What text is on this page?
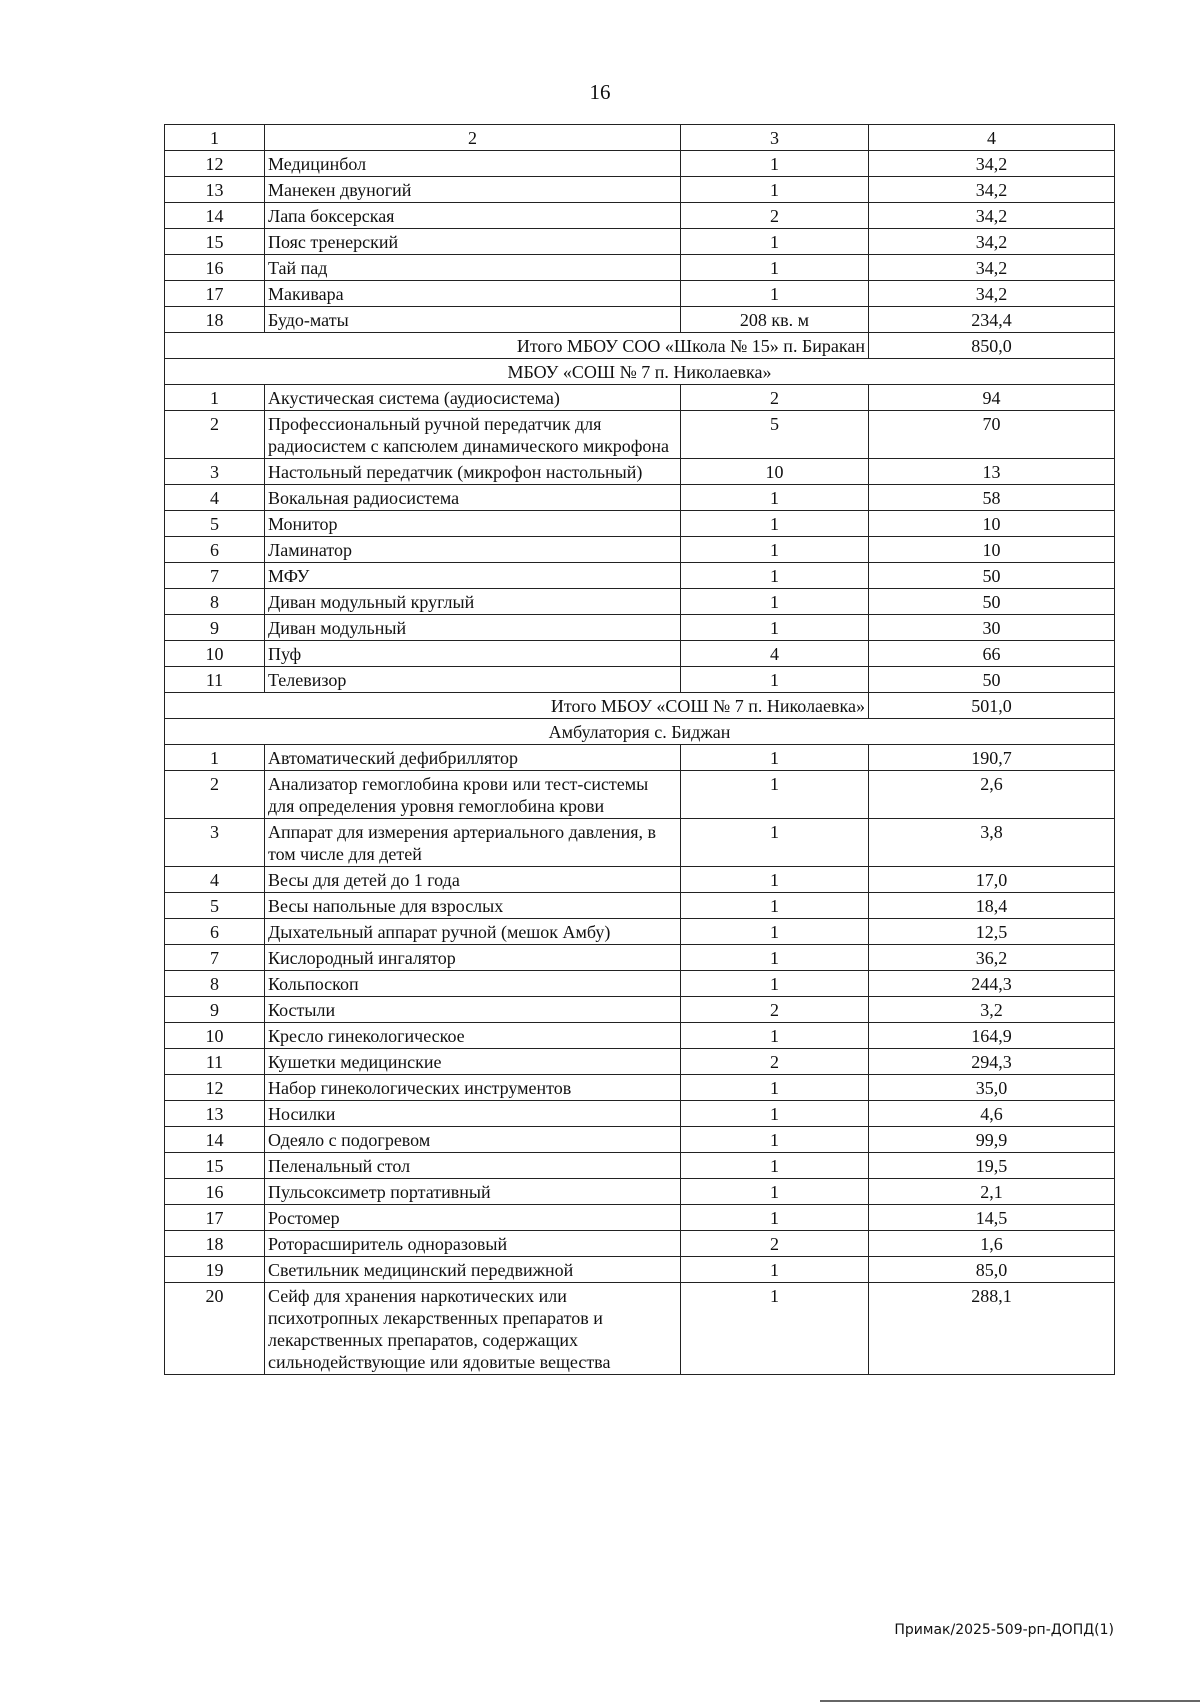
16
1	2	3	4
12	Медицинбол	1	34,2
13	Манекен двуногий	1	34,2
14	Лапа боксерская	2	34,2
15	Пояс тренерский	1	34,2
16	Тай пад	1	34,2
17	Макивара	1	34,2
18	Будо-маты	208 кв. м	234,4
Итого МБОУ СОО «Школа № 15» п. Биракан			850,0
МБОУ «СОШ № 7 п. Николаевка»			
1	Акустическая система (аудиосистема)	2	94
2	Профессиональный ручной передатчик для радиосистем с капсюлем динамического микрофона	5	70
3	Настольный передатчик (микрофон настольный)	10	13
4	Вокальная радиосистема	1	58
5	Монитор	1	10
6	Ламинатор	1	10
7	МФУ	1	50
8	Диван модульный круглый	1	50
9	Диван модульный	1	30
10	Пуф	4	66
11	Телевизор	1	50
Итого МБОУ «СОШ № 7 п. Николаевка»			501,0
Амбулатория с. Биджан			
1	Автоматический дефибриллятор	1	190,7
2	Анализатор гемоглобина крови или тест-системы для определения уровня гемоглобина крови	1	2,6
3	Аппарат для измерения артериального давления, в том числе для детей	1	3,8
4	Весы для детей до 1 года	1	17,0
5	Весы напольные для взрослых	1	18,4
6	Дыхательный аппарат ручной (мешок Амбу)	1	12,5
7	Кислородный ингалятор	1	36,2
8	Кольпоскоп	1	244,3
9	Костыли	2	3,2
10	Кресло гинекологическое	1	164,9
11	Кушетки медицинские	2	294,3
12	Набор гинекологических инструментов	1	35,0
13	Носилки	1	4,6
14	Одеяло с подогревом	1	99,9
15	Пеленальный стол	1	19,5
16	Пульсоксиметр портативный	1	2,1
17	Ростомер	1	14,5
18	Роторасширитель одноразовый	2	1,6
19	Светильник медицинский передвижной	1	85,0
20	Сейф для хранения наркотических или психотропных лекарственных препаратов и лекарственных препаратов, содержащих сильнодействующие или ядовитые вещества	1	288,1
Примак/2025-509-рп-ДОПД(1)
